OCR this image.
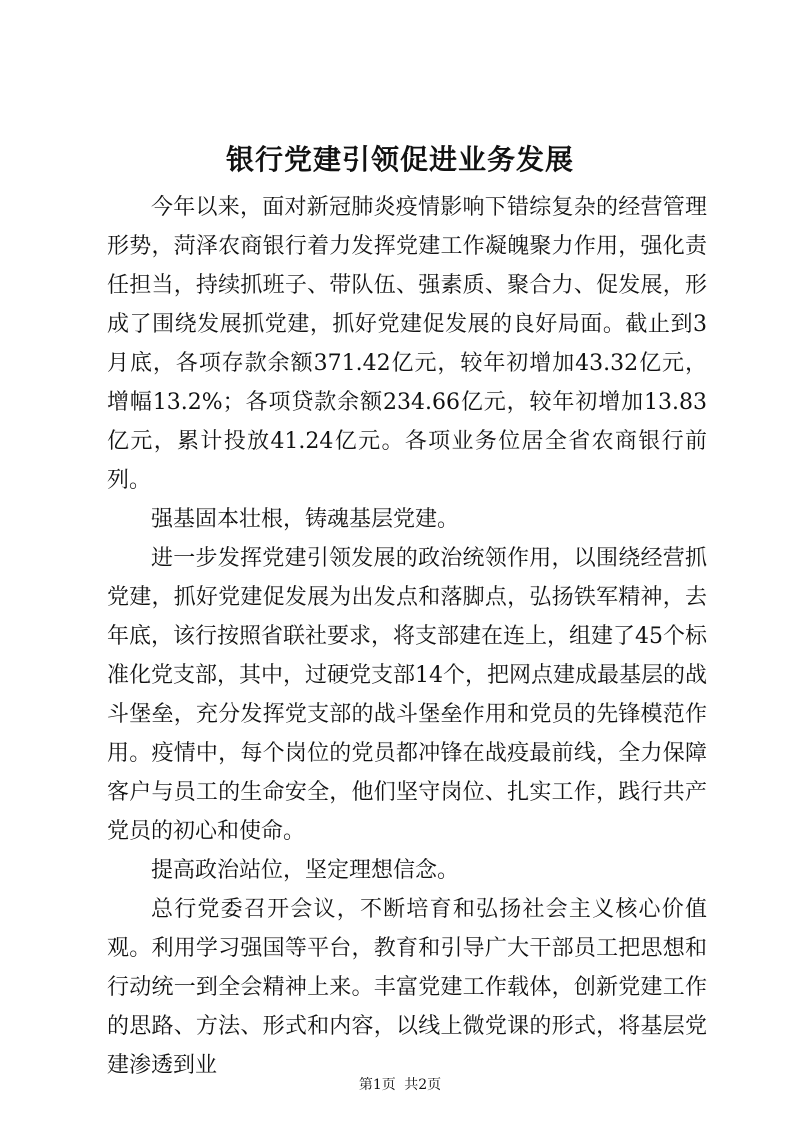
银行党建引领促进业务发展

今年以来，面对新冠肺炎疫情影响下错综复杂的经营管理形势，菏泽农商银行着力发挥党建工作凝魄聚力作用，强化责任担当，持续抓班子、带队伍、强素质、聚合力、促发展，形成了围绕发展抓党建，抓好党建促发展的良好局面。截止到3月底，各项存款余额371.42亿元，较年初增加43.32亿元，增幅13.2%；各项贷款余额234.66亿元，较年初增加13.83亿元，累计投放41.24亿元。各项业务位居全省农商银行前列。

强基固本壮根，铸魂基层党建。

进一步发挥党建引领发展的政治统领作用，以围绕经营抓党建，抓好党建促发展为出发点和落脚点，弘扬铁军精神，去年底，该行按照省联社要求，将支部建在连上，组建了45个标准化党支部，其中，过硬党支部14个，把网点建成最基层的战斗堡垒，充分发挥党支部的战斗堡垒作用和党员的先锋模范作用。疫情中，每个岗位的党员都冲锋在战疫最前线，全力保障客户与员工的生命安全，他们坚守岗位、扎实工作，践行共产党员的初心和使命。

提高政治站位，坚定理想信念。

总行党委召开会议，不断培育和弘扬社会主义核心价值观。利用学习强国等平台，教育和引导广大干部员工把思想和行动统一到全会精神上来。丰富党建工作载体，创新党建工作的思路、方法、形式和内容，以线上微党课的形式，将基层党建渗透到业

第1页 共2页
